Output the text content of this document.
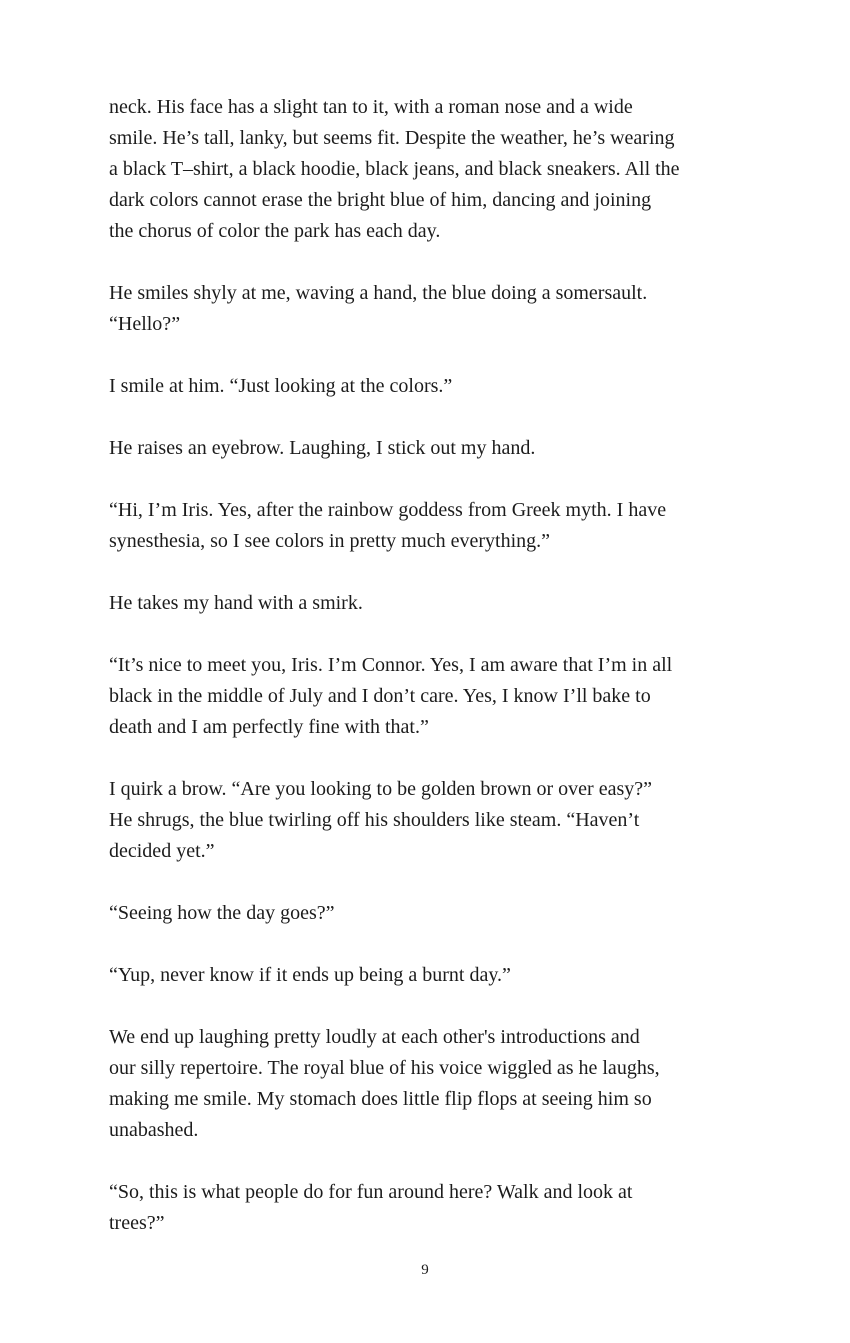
neck. His face has a slight tan to it, with a roman nose and a wide
smile. He’s tall, lanky, but seems fit. Despite the weather, he’s wearing
a black T–shirt, a black hoodie, black jeans, and black sneakers. All the
dark colors cannot erase the bright blue of him, dancing and joining
the chorus of color the park has each day.

He smiles shyly at me, waving a hand, the blue doing a somersault.
“Hello?”

I smile at him. “Just looking at the colors.”

He raises an eyebrow. Laughing, I stick out my hand.

“Hi, I’m Iris. Yes, after the rainbow goddess from Greek myth. I have
synesthesia, so I see colors in pretty much everything.”

He takes my hand with a smirk.

“It’s nice to meet you, Iris. I’m Connor. Yes, I am aware that I’m in all
black in the middle of July and I don’t care. Yes, I know I’ll bake to
death and I am perfectly fine with that.”

I quirk a brow. “Are you looking to be golden brown or over easy?”
He shrugs, the blue twirling off his shoulders like steam. “Haven’t
decided yet.”

“Seeing how the day goes?”

“Yup, never know if it ends up being a burnt day.”

We end up laughing pretty loudly at each other's introductions and
our silly repertoire. The royal blue of his voice wiggled as he laughs,
making me smile. My stomach does little flip flops at seeing him so
unabashed.

“So, this is what people do for fun around here? Walk and look at
trees?”

9
